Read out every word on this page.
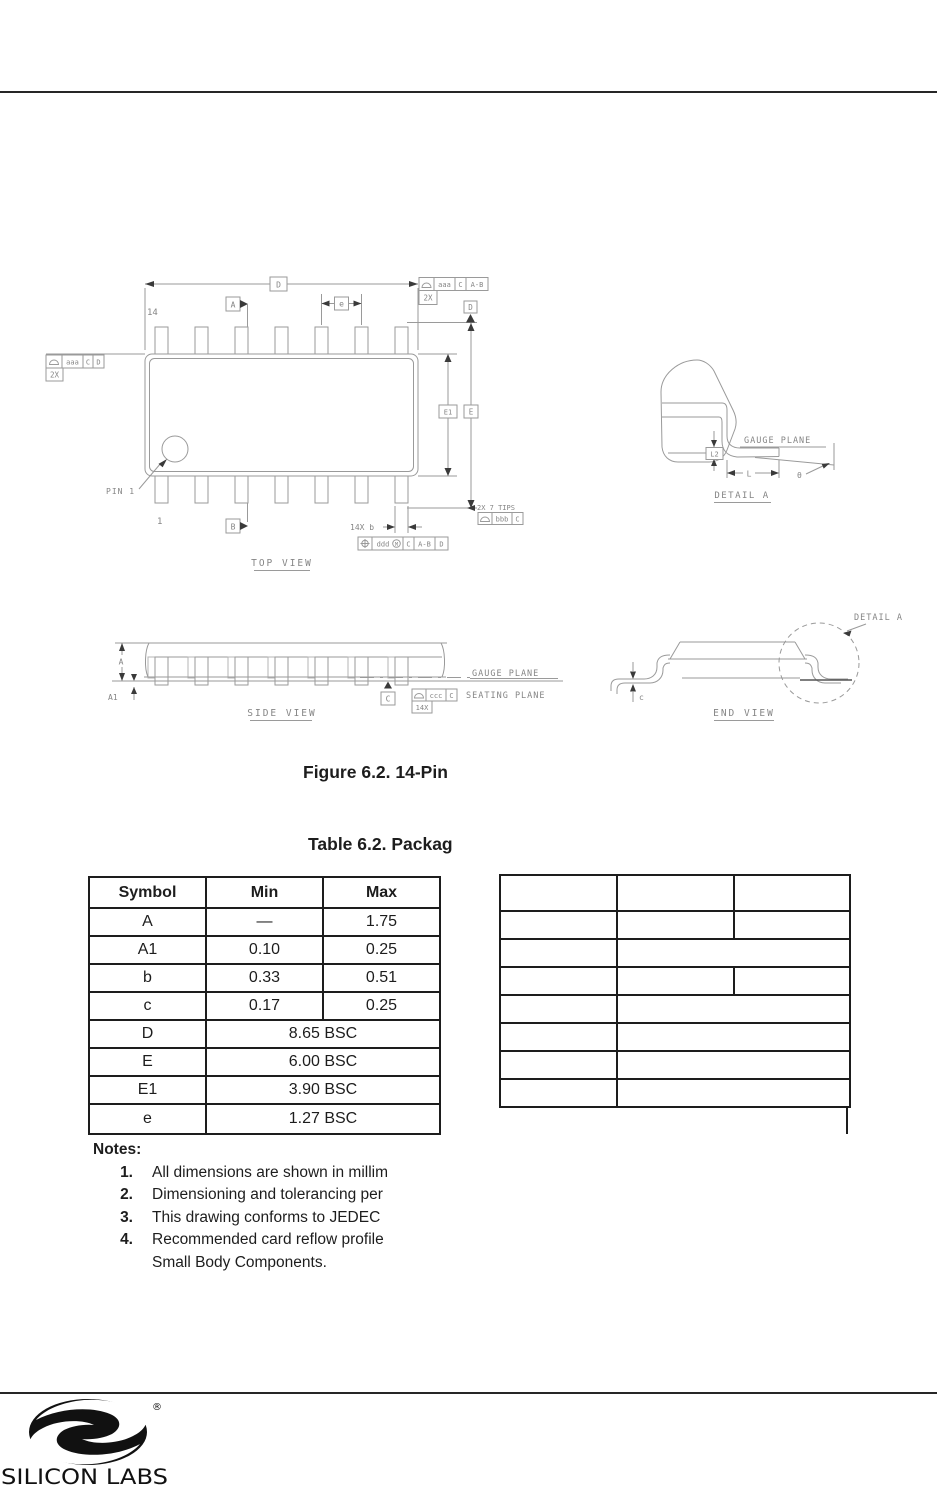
14
1
PIN 1
D	aaa C A-B
2X
D
E
E1
e
A
B	14X b
ddd M C A-B D
2X 7 TIPS
bbb C
aaa C D
2X
TOP VIEW
GAUGE PLANE
L2
L	θ
DETAIL A
A
A1
GAUGE PLANE
SEATING PLANE
C	ccc C
14X
SIDE VIEW
DETAIL A
c
END VIEW
Figure 6.2. 14-Pin
Table 6.2. Packag
Symbol	Min	Max
A	—	1.75
A1	0.10	0.25
b	0.33	0.51
c	0.17	0.25
D	8.65 BSC	
E	6.00 BSC	
E1	3.90 BSC	
e	1.27 BSC	

Notes:
1. All dimensions are shown in millim
2. Dimensioning and tolerancing per
3. This drawing conforms to JEDEC
4. Recommended card reflow profile
Small Body Components.
®
SILICON LABS
